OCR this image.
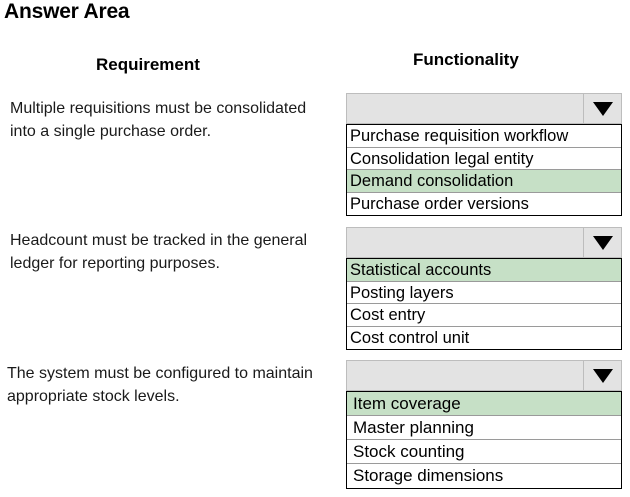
Answer Area
Requirement	Functionality
Multiple requisitions must be consolidated
into a single purchase order.	Purchase requisition workflow
Consolidation legal entity
Demand consolidation
Purchase order versions
Headcount must be tracked in the general
ledger for reporting purposes.	Statistical accounts
Posting layers
Cost entry
Cost control unit
The system must be configured to maintain
appropriate stock levels.	Item coverage
Master planning
Stock counting
Storage dimensions
